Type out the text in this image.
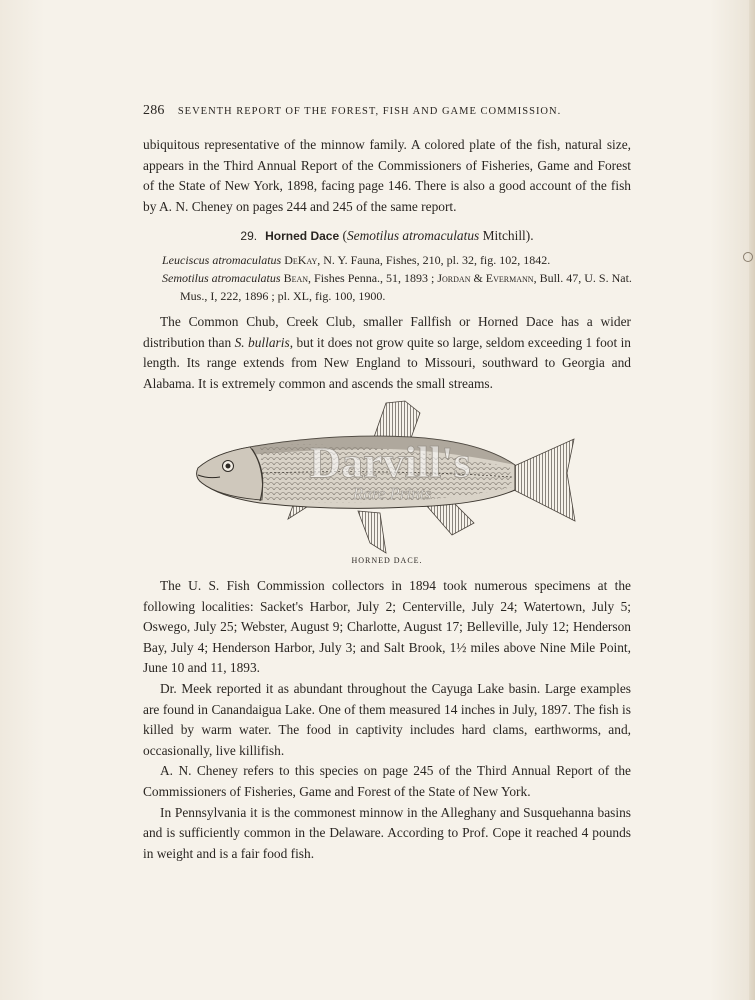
286 SEVENTH REPORT OF THE FOREST, FISH AND GAME COMMISSION.

ubiquitous representative of the minnow family. A colored plate of the fish, natural size, appears in the Third Annual Report of the Commissioners of Fisheries, Game and Forest of the State of New York, 1898, facing page 146. There is also a good account of the fish by A. N. Cheney on pages 244 and 245 of the same report.

29. Horned Dace (Semotilus atromaculatus Mitchill).

Leuciscus atromaculatus DeKay, N. Y. Fauna, Fishes, 210, pl. 32, fig. 102, 1842.

Semotilus atromaculatus Bean, Fishes Penna., 51, 1893 ; Jordan & Evermann, Bull. 47, U. S. Nat. Mus., I, 222, 1896 ; pl. XL, fig. 100, 1900.

The Common Chub, Creek Club, smaller Fallfish or Horned Dace has a wider distribution than S. bullaris, but it does not grow quite so large, seldom exceeding 1 foot in length. Its range extends from New England to Missouri, southward to Georgia and Alabama. It is extremely common and ascends the small streams.

Darvill's
Rare Prints
HORNED DACE.

The U. S. Fish Commission collectors in 1894 took numerous specimens at the following localities: Sacket's Harbor, July 2; Centerville, July 24; Watertown, July 5; Oswego, July 25; Webster, August 9; Charlotte, August 17; Belleville, July 12; Henderson Bay, July 4; Henderson Harbor, July 3; and Salt Brook, 1½ miles above Nine Mile Point, June 10 and 11, 1893.

Dr. Meek reported it as abundant throughout the Cayuga Lake basin. Large examples are found in Canandaigua Lake. One of them measured 14 inches in July, 1897. The fish is killed by warm water. The food in captivity includes hard clams, earthworms, and, occasionally, live killifish.

A. N. Cheney refers to this species on page 245 of the Third Annual Report of the Commissioners of Fisheries, Game and Forest of the State of New York.

In Pennsylvania it is the commonest minnow in the Alleghany and Susquehanna basins and is sufficiently common in the Delaware. According to Prof. Cope it reached 4 pounds in weight and is a fair food fish.
